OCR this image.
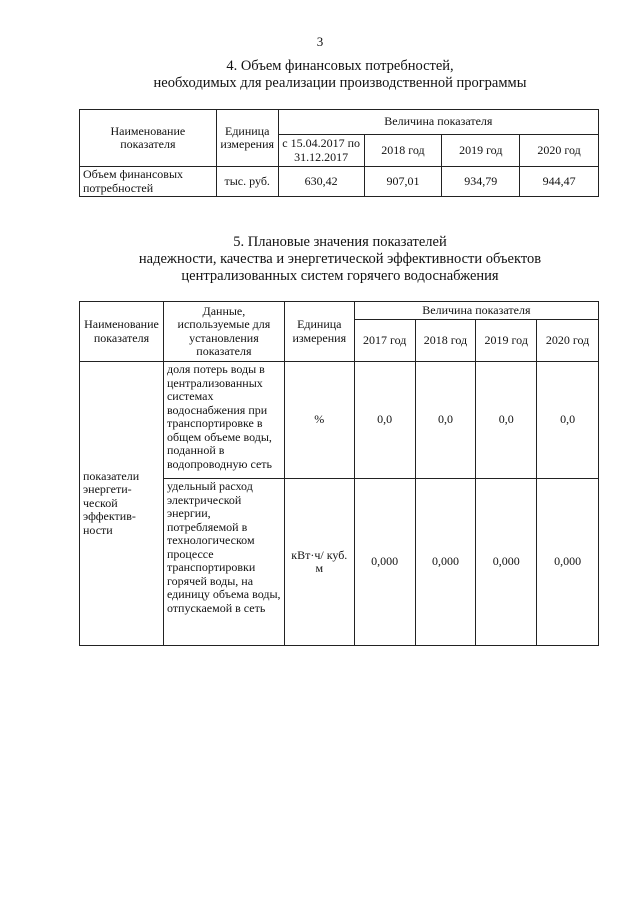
3
4. Объем финансовых потребностей,
необходимых для реализации производственной программы
Наименование показателя	Единица измерения	Величина показателя			
		с 15.04.2017 по 31.12.2017	2018 год	2019 год	2020 год
Объем финансовых потребностей	тыс. руб.	630,42	907,01	934,79	944,47
5. Плановые значения показателей
надежности, качества и энергетической эффективности объектов
централизованных систем горячего водоснабжения
Наименование показателя	Данные, используемые для установления показателя	Единица измерения	Величина показателя			
			2017 год	2018 год	2019 год	2020 год
показатели энергети-ческой эффектив-ности	доля потерь воды в централизованных системах водоснабжения при транспортировке в общем объеме воды, поданной в водопроводную сеть	%	0,0	0,0	0,0	0,0
	удельный расход электрической энергии, потребляемой в технологическом процессе транспортировки горячей воды, на единицу объема воды, отпускаемой в сеть	кВт·ч/ куб. м	0,000	0,000	0,000	0,000
